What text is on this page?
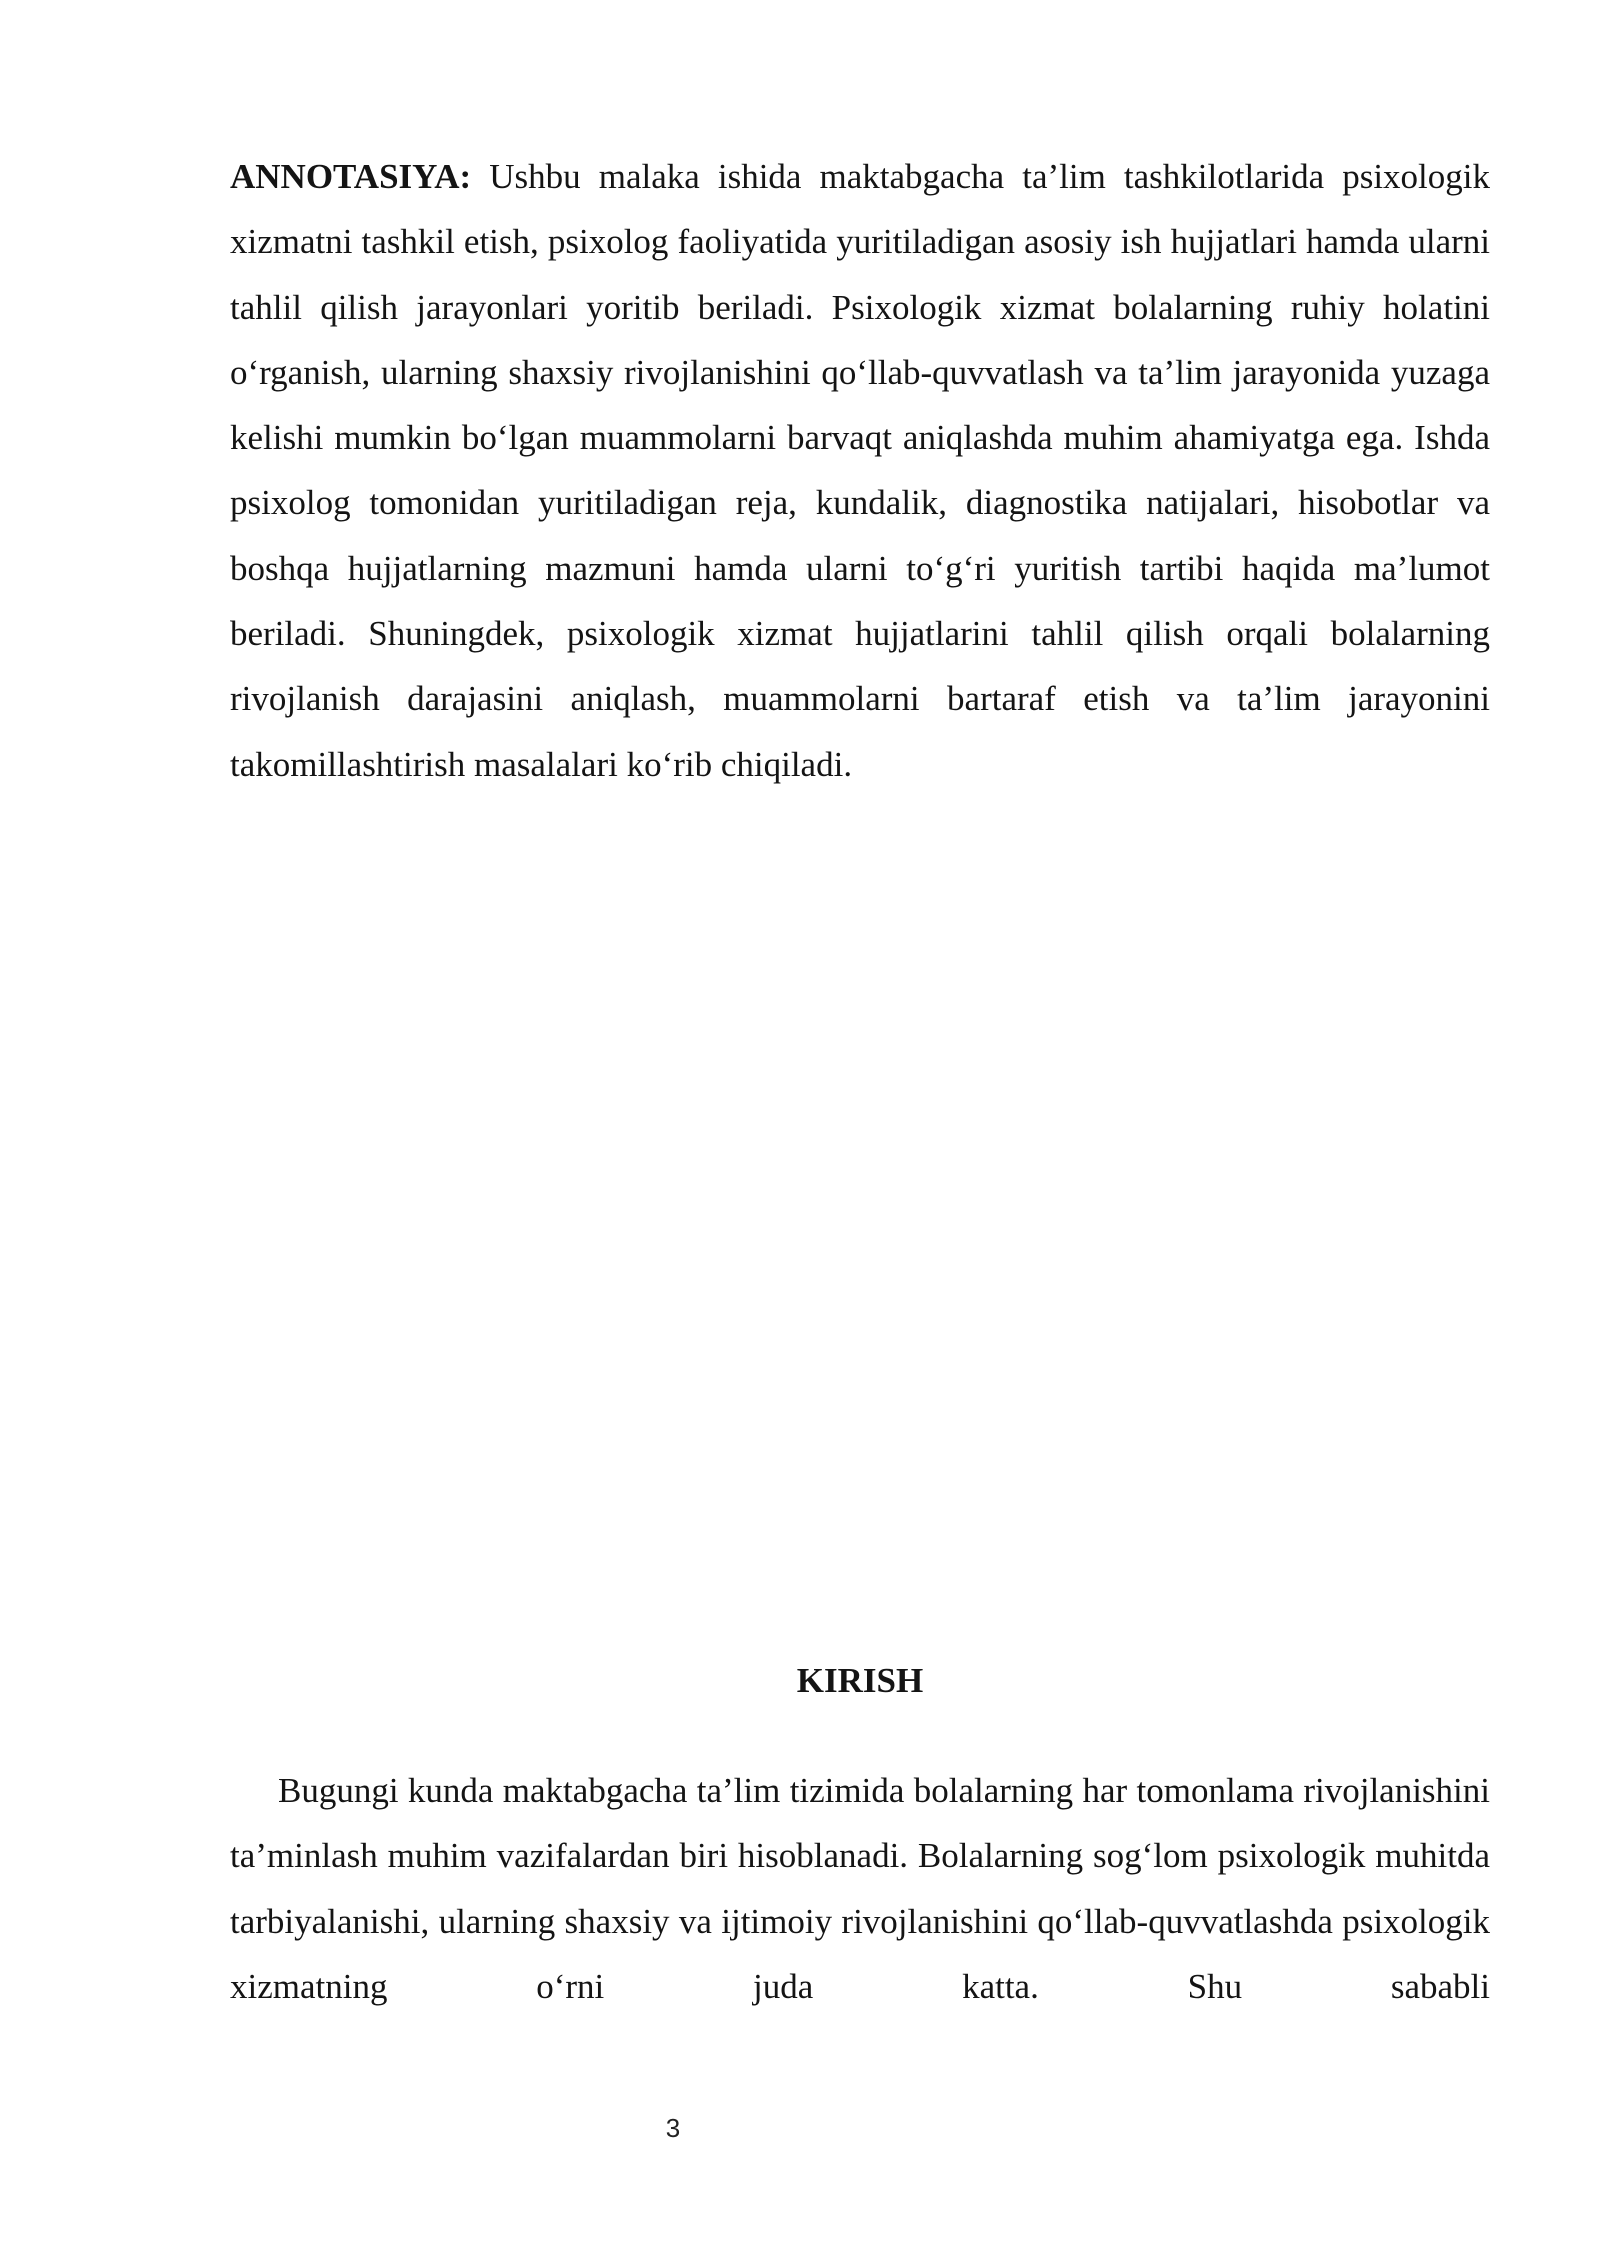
ANNOTASIYA: Ushbu malaka ishida maktabgacha ta’lim tashkilotlarida psixologik xizmatni tashkil etish, psixolog faoliyatida yuritiladigan asosiy ish hujjatlari hamda ularni tahlil qilish jarayonlari yoritib beriladi. Psixologik xizmat bolalarning ruhiy holatini o‘rganish, ularning shaxsiy rivojlanishini qo‘llab-quvvatlash va ta’lim jarayonida yuzaga kelishi mumkin bo‘lgan muammolarni barvaqt aniqlashda muhim ahamiyatga ega. Ishda psixolog tomonidan yuritiladigan reja, kundalik, diagnostika natijalari, hisobotlar va boshqa hujjatlarning mazmuni hamda ularni to‘g‘ri yuritish tartibi haqida ma’lumot beriladi. Shuningdek, psixologik xizmat hujjatlarini tahlil qilish orqali bolalarning rivojlanish darajasini aniqlash, muammolarni bartaraf etish va ta’lim jarayonini takomillashtirish masalalari ko‘rib chiqiladi.

KIRISH

Bugungi kunda maktabgacha ta’lim tizimida bolalarning har tomonlama rivojlanishini ta’minlash muhim vazifalardan biri hisoblanadi. Bolalarning sog‘lom psixologik muhitda tarbiyalanishi, ularning shaxsiy va ijtimoiy rivojlanishini qo‘llab-quvvatlashda psixologik xizmatning o‘rni juda katta. Shu sababli

3
